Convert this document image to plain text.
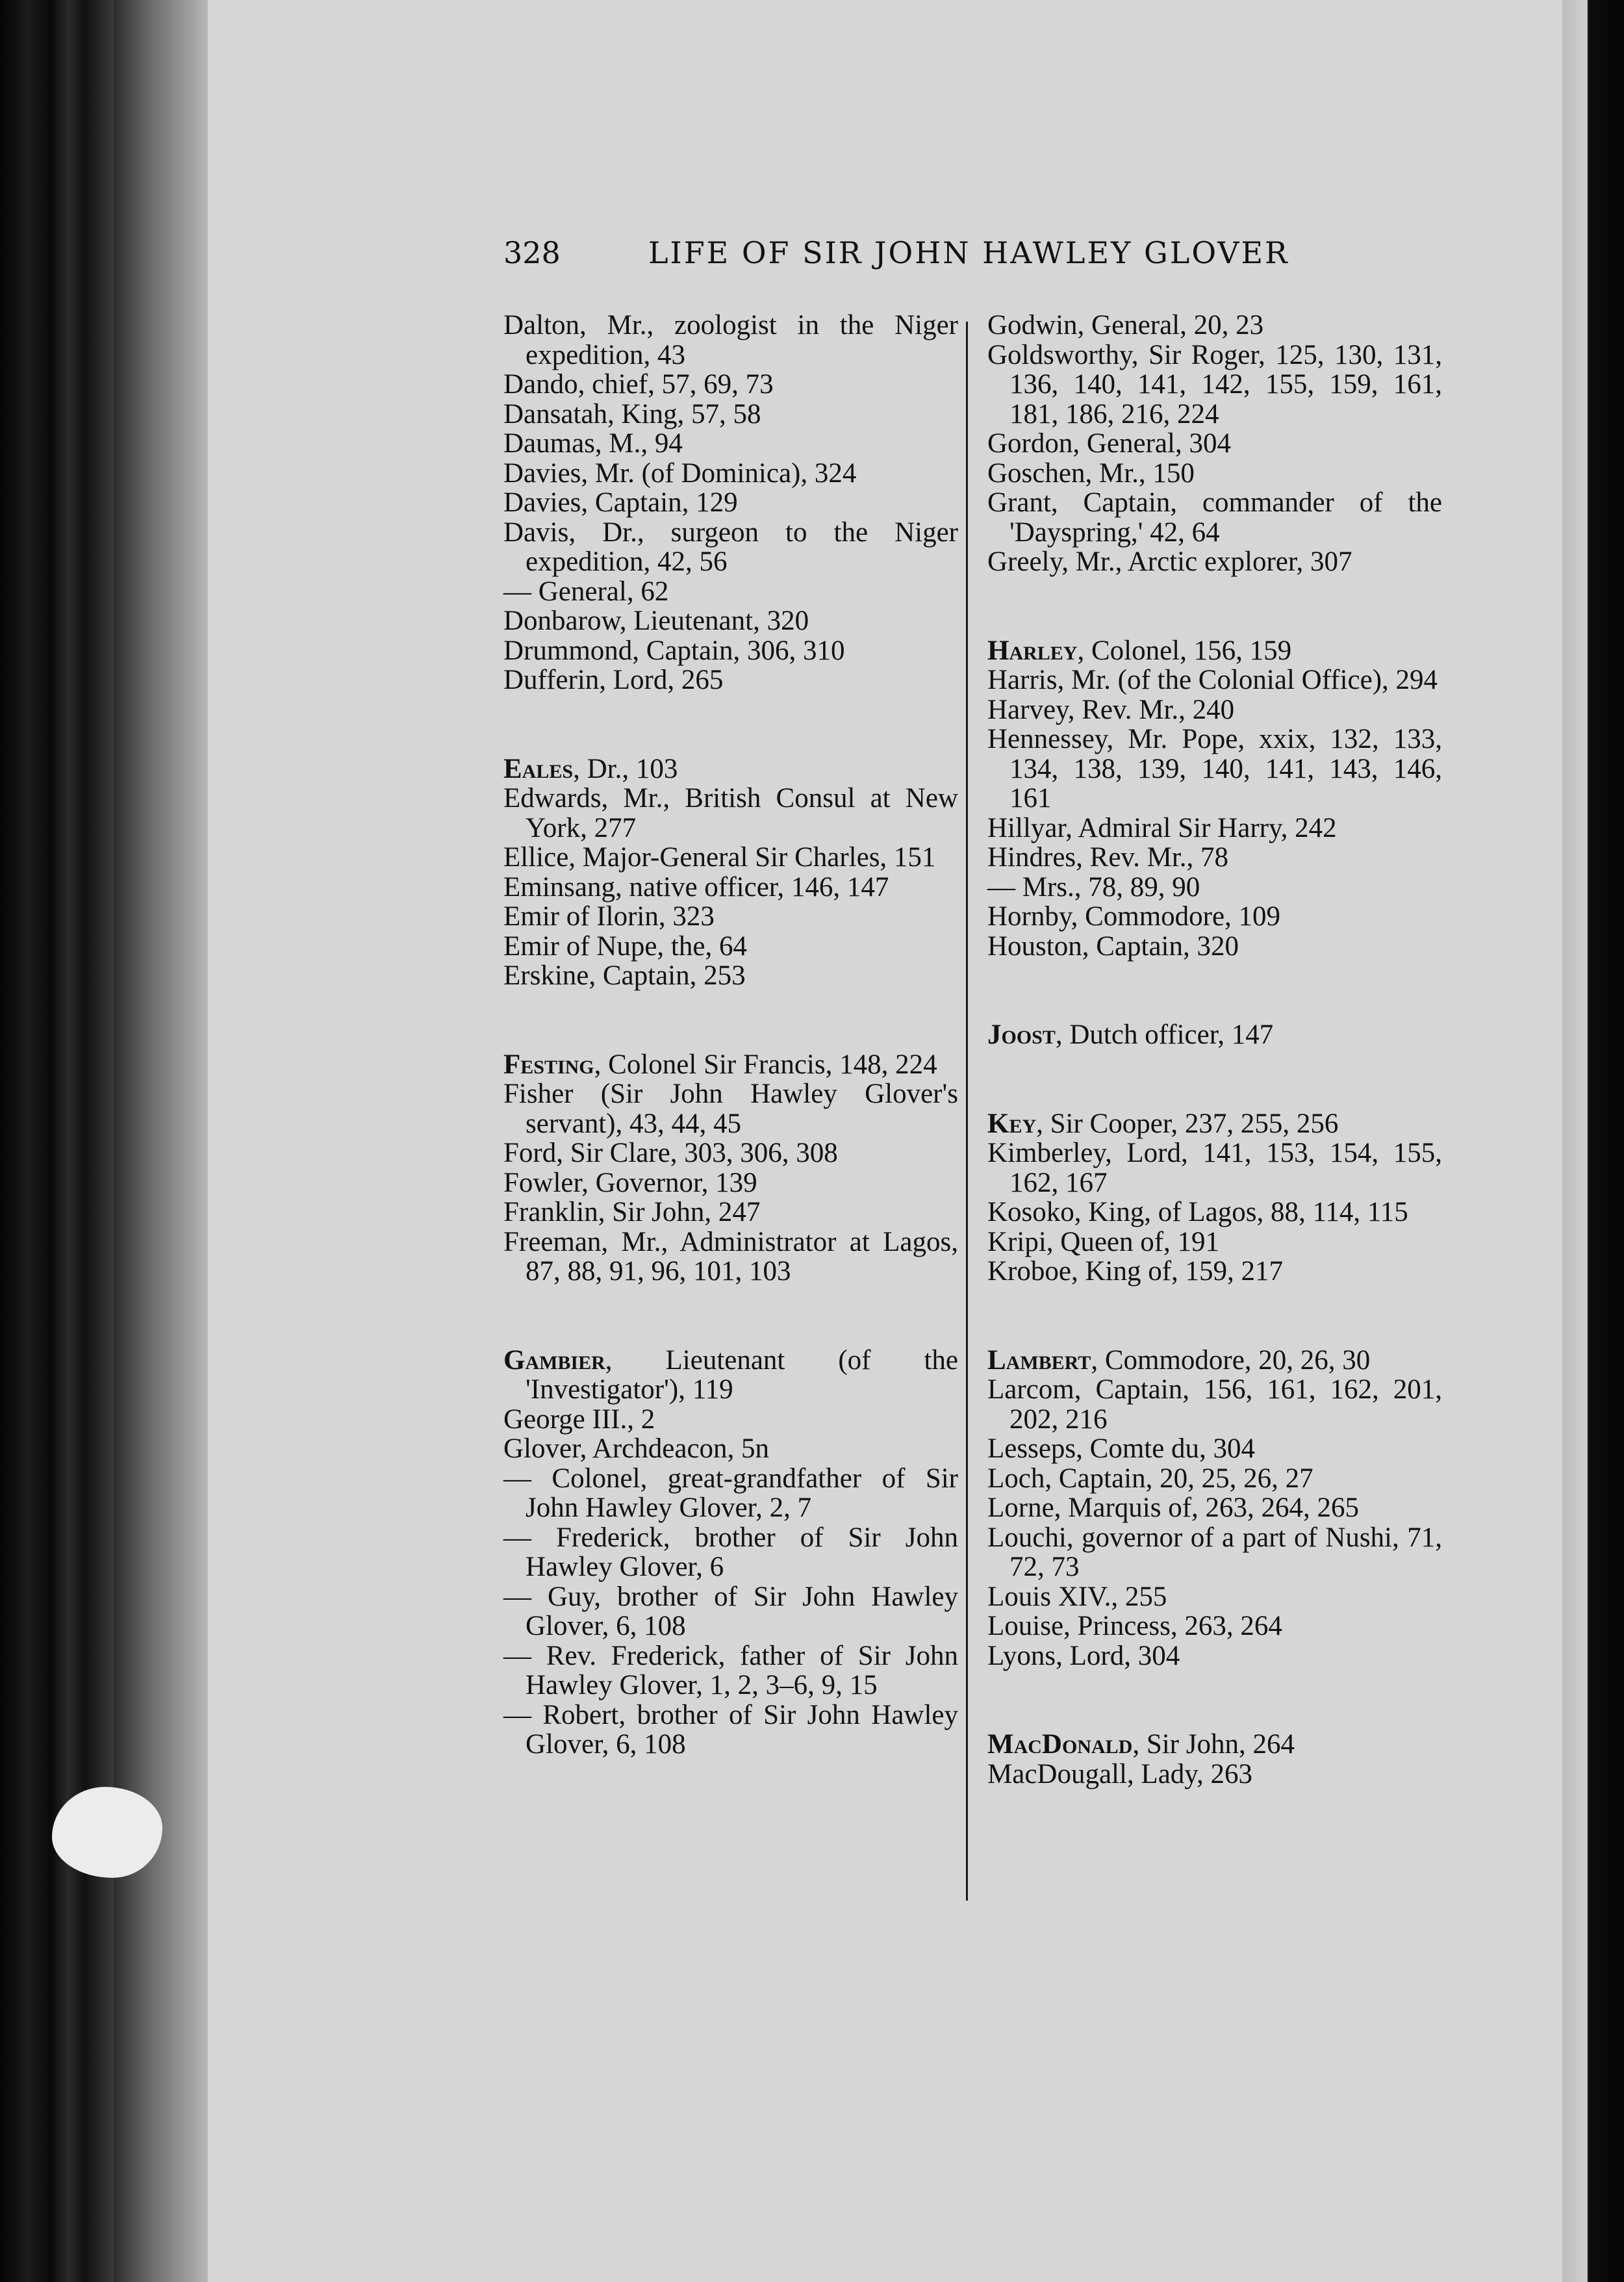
328	LIFE OF SIR JOHN HAWLEY GLOVER

Dalton, Mr., zoologist in the Niger expedition, 43

Dando, chief, 57, 69, 73

Dansatah, King, 57, 58

Daumas, M., 94

Davies, Mr. (of Dominica), 324

Davies, Captain, 129

Davis, Dr., surgeon to the Niger expedition, 42, 56

— General, 62

Donbarow, Lieutenant, 320

Drummond, Captain, 306, 310

Dufferin, Lord, 265

Eales, Dr., 103

Edwards, Mr., British Consul at New York, 277

Ellice, Major-General Sir Charles, 151

Eminsang, native officer, 146, 147

Emir of Ilorin, 323

Emir of Nupe, the, 64

Erskine, Captain, 253

Festing, Colonel Sir Francis, 148, 224

Fisher (Sir John Hawley Glover's servant), 43, 44, 45

Ford, Sir Clare, 303, 306, 308

Fowler, Governor, 139

Franklin, Sir John, 247

Freeman, Mr., Administrator at Lagos, 87, 88, 91, 96, 101, 103

Gambier, Lieutenant (of the 'Investigator'), 119

George III., 2

Glover, Archdeacon, 5n

— Colonel, great-grandfather of Sir John Hawley Glover, 2, 7

— Frederick, brother of Sir John Hawley Glover, 6

— Guy, brother of Sir John Hawley Glover, 6, 108

— Rev. Frederick, father of Sir John Hawley Glover, 1, 2, 3–6, 9, 15

— Robert, brother of Sir John Hawley Glover, 6, 108

Godwin, General, 20, 23

Goldsworthy, Sir Roger, 125, 130, 131, 136, 140, 141, 142, 155, 159, 161, 181, 186, 216, 224

Gordon, General, 304

Goschen, Mr., 150

Grant, Captain, commander of the 'Dayspring,' 42, 64

Greely, Mr., Arctic explorer, 307

Harley, Colonel, 156, 159

Harris, Mr. (of the Colonial Office), 294

Harvey, Rev. Mr., 240

Hennessey, Mr. Pope, xxix, 132, 133, 134, 138, 139, 140, 141, 143, 146, 161

Hillyar, Admiral Sir Harry, 242

Hindres, Rev. Mr., 78

— Mrs., 78, 89, 90

Hornby, Commodore, 109

Houston, Captain, 320

Joost, Dutch officer, 147

Key, Sir Cooper, 237, 255, 256

Kimberley, Lord, 141, 153, 154, 155, 162, 167

Kosoko, King, of Lagos, 88, 114, 115

Kripi, Queen of, 191

Kroboe, King of, 159, 217

Lambert, Commodore, 20, 26, 30

Larcom, Captain, 156, 161, 162, 201, 202, 216

Lesseps, Comte du, 304

Loch, Captain, 20, 25, 26, 27

Lorne, Marquis of, 263, 264, 265

Louchi, governor of a part of Nushi, 71, 72, 73

Louis XIV., 255

Louise, Princess, 263, 264

Lyons, Lord, 304

MacDonald, Sir John, 264

MacDougall, Lady, 263
